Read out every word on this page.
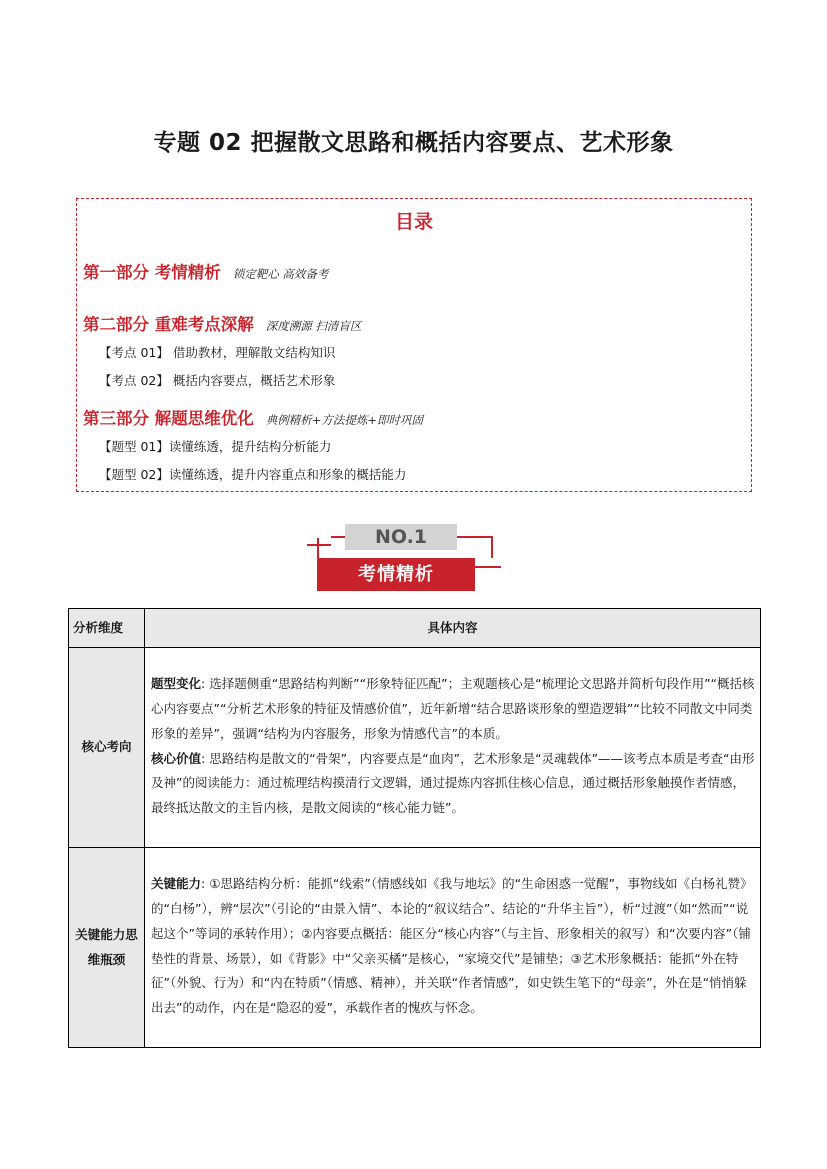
专题 02 把握散文思路和概括内容要点、艺术形象
目录
第一部分 考情精析 锁定靶心 高效备考
第二部分 重难考点深解 深度溯源 扫清盲区
【考点 01】 借助教材，理解散文结构知识
【考点 02】 概括内容要点，概括艺术形象
第三部分 解题思维优化 典例精析+方法提炼+即时巩固
【题型 01】读懂练透，提升结构分析能力
【题型 02】读懂练透，提升内容重点和形象的概括能力
NO.1
考情精析
分析维度	具体内容
核心考向	题型变化: 选择题侧重“思路结构判断”“形象特征匹配”；主观题核心是“梳理论文思路并简析句段作用”“概括核心内容要点”“分析艺术形象的特征及情感价值”，近年新增“结合思路谈形象的塑造逻辑”“比较不同散文中同类形象的差异”，强调“结构为内容服务，形象为情感代言”的本质。
核心价值: 思路结构是散文的“骨架”，内容要点是“血肉”，艺术形象是“灵魂载体”——该考点本质是考查“由形及神”的阅读能力：通过梳理结构摸清行文逻辑，通过提炼内容抓住核心信息，通过概括形象触摸作者情感，最终抵达散文的主旨内核，是散文阅读的“核心能力链”。

关键能力思维瓶颈	关键能力: ①思路结构分析：能抓“线索”（情感线如《我与地坛》的“生命困惑一觉醒”，事物线如《白杨礼赞》的“白杨”），辨“层次”（引论的“由景入情”、本论的“叙议结合”、结论的“升华主旨”），析“过渡”（如“然而”“说起这个”等词的承转作用）；②内容要点概括：能区分“核心内容”（与主旨、形象相关的叙写）和“次要内容”（铺垫性的背景、场景），如《背影》中“父亲买橘”是核心，“家境交代”是铺垫；③艺术形象概括：能抓“外在特征”（外貌、行为）和“内在特质”（情感、精神），并关联“作者情感”，如史铁生笔下的“母亲”，外在是“悄悄躲出去”的动作，内在是“隐忍的爱”，承载作者的愧疚与怀念。
